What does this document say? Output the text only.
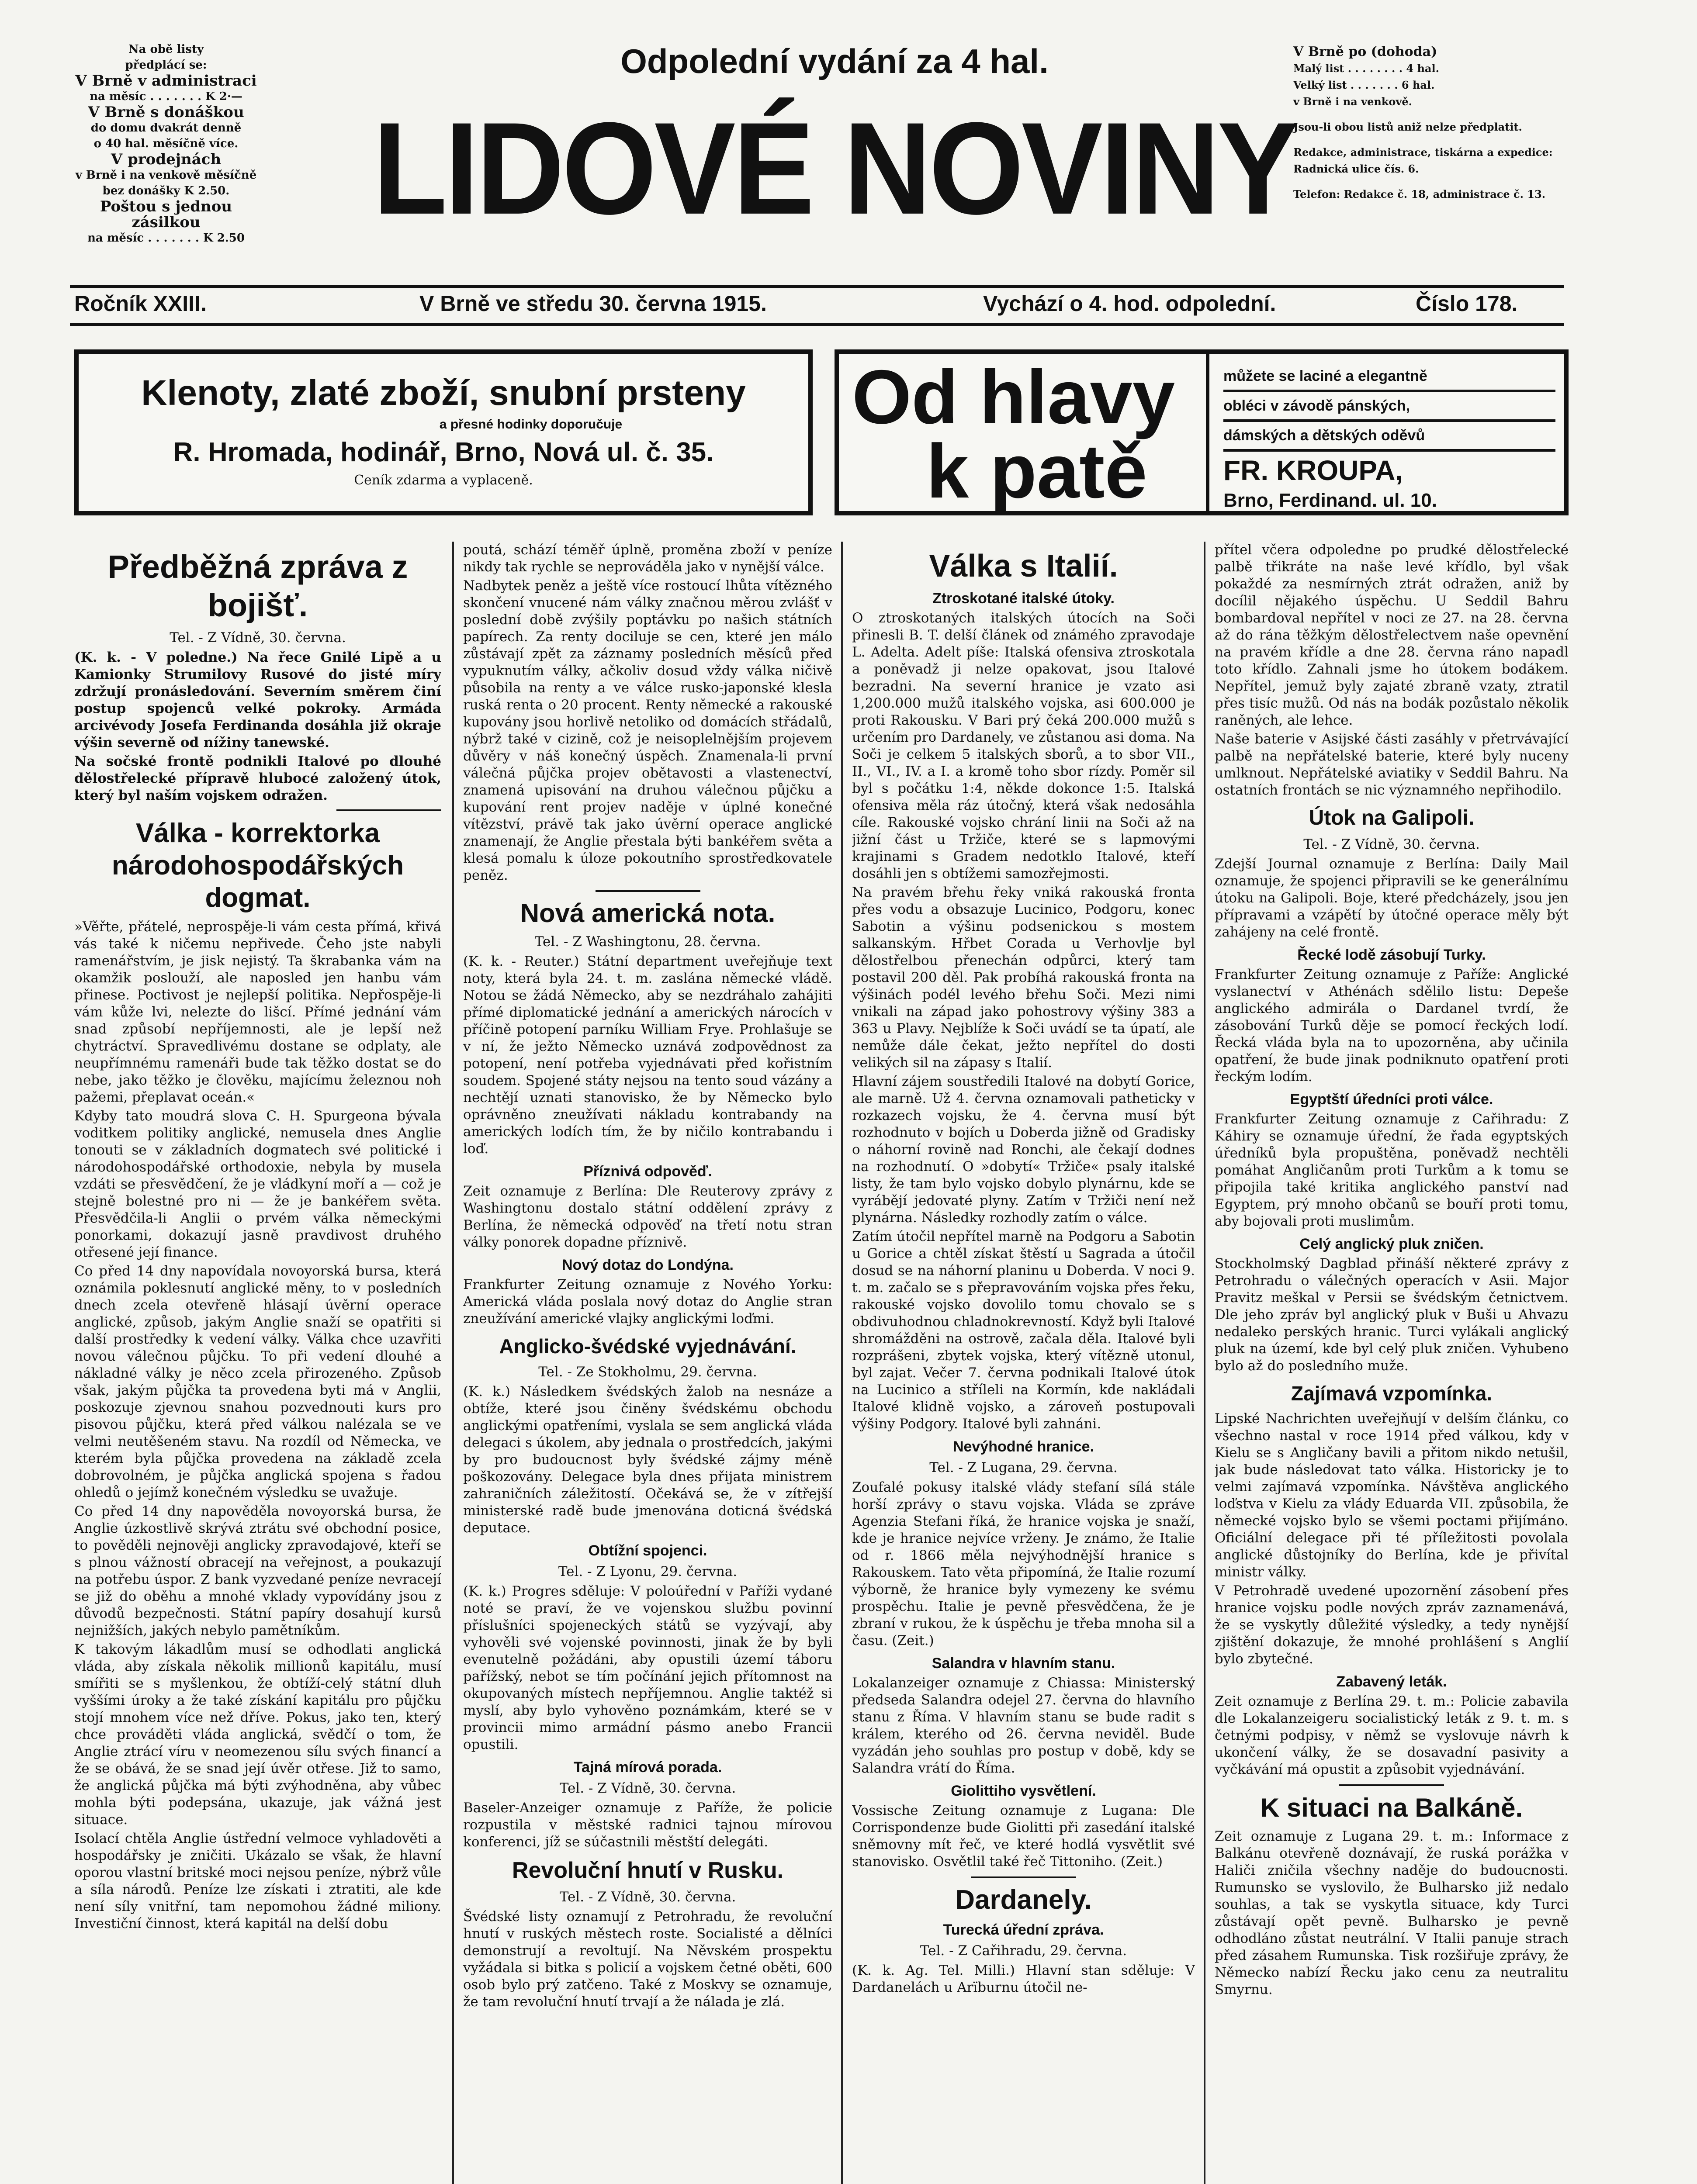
Na obě listy
předplácí se:
V Brně v administraci
na měsíc . . . . . . . K 2·—
V Brně s donáškou
do domu dvakrát denně
o 40 hal. měsíčně více.
V prodejnách
v Brně i na venkově měsíčně
bez donášky K 2.50.
Poštou s jednou zásilkou
na měsíc . . . . . . . K 2.50
Odpolední vydání za 4 hal.
LIDOVÉ NOVINY
V Brně po (dohoda)
Malý list . . . . . . . . 4 hal.
Velký list . . . . . . . 6 hal.
v Brně i na venkově.
Jsou-li obou listů aniž nelze předplatit.
Redakce, administrace, tiskárna a expedice:
Radnická ulice čís. 6.
Telefon: Redakce č. 18, administrace č. 13.
Ročník XXIII.	V Brně ve středu 30. června 1915.	Vychází o 4. hod. odpolední.	Číslo 178.
Klenoty, zlaté zboží, snubní prsteny
a přesné hodinky doporučuje
R. Hromada, hodinář, Brno, Nová ul. č. 35.
Ceník zdarma a vyplaceně.
Od hlavy
k patě
můžete se laciné a elegantně
obléci v závodě pánských,
dámských a dětských oděvů
FR. KROUPA,
Brno, Ferdinand. ul. 10.
Předběžná zpráva z bojišť.
Tel. - Z Vídně, 30. června.

(K. k. - V poledne.) Na řece Gnilé Lipě a u Kamionky Strumilovy Rusové do jisté míry zdržují pronásledování. Severním směrem činí postup spojenců velké pokroky. Armáda arcivévody Josefa Ferdinanda dosáhla již okraje výšin severně od nížiny tanewské.

Na sočské frontě podnikli Italové po dlouhé dělostřelecké přípravě hlubocé založený útok, který byl naším vojskem odražen.

Válka - korrektorka národohospodářských dogmat.

»Věřte, přátelé, neprospěje-li vám cesta přímá, křivá vás také k ničemu nepřivede. Čeho jste nabyli ramenářstvím, je jisk nejistý. Ta škrabanka vám na okamžik poslouží, ale naposled jen hanbu vám přinese. Poctivost je nejlepší politika. Nepřospěje-li vám kůže lvi, nelezte do lišcí. Přímé jednání vám snad způsobí nepříjemnosti, ale je lepší než chytráctví. Spravedlivému dostane se odplaty, ale neupřímnému ramenáři bude tak těžko dostat se do nebe, jako těžko je člověku, majícímu železnou noh pažemi, přeplavat oceán.«

Kdyby tato moudrá slova C. H. Spurgeona bývala voditkem politiky anglické, nemusela dnes Anglie tonouti se v základních dogmatech své politické i národohospodářské orthodoxie, nebyla by musela vzdáti se přesvědčení, že je vládkyní moří a — což je stejně bolestné pro ni — že je bankéřem světa. Přesvědčila-li Anglii o prvém válka německými ponorkami, dokazují jasně pravdivost druhého otřesené její finance.

Co před 14 dny napovídala novoyorská bursa, která oznámila poklesnutí anglické měny, to v posledních dnech zcela otevřeně hlásají úvěrní operace anglické, způsob, jakým Anglie snaží se opatřiti si další prostředky k vedení války. Válka chce uzavřiti novou válečnou půjčku. To při vedení dlouhé a nákladné války je něco zcela přirozeného. Způsob však, jakým půjčka ta provedena byti má v Anglii, poskozuje zjevnou snahou pozvednouti kurs pro pisovou půjčku, která před válkou nalézala se ve velmi neutěšeném stavu. Na rozdíl od Německa, ve kterém byla půjčka provedena na základě zcela dobrovolném, je půjčka anglická spojena s řadou ohledů o jejímž konečném výsledku se uvažuje.

Co před 14 dny napověděla novoyorská bursa, že Anglie úzkostlivě skrývá ztrátu své obchodní posice, to pověděli nejnověji anglicky zpravodajové, kteří se s plnou vážností obracejí na veřejnost, a poukazují na potřebu úspor. Z bank vyzvedané peníze nevracejí se již do oběhu a mnohé vklady vypovídány jsou z důvodů bezpečnosti. Státní papíry dosahují kursů nejnižších, jakých nebylo pamětníkům.

K takovým lákadlům musí se odhodlati anglická vláda, aby získala několik millionů kapitálu, musí smířiti se s myšlenkou, že obtíží-celý státní dluh vyššími úroky a že také získání kapitálu pro půjčku stojí mnohem více než dříve. Pokus, jako ten, který chce prováděti vláda anglická, svědčí o tom, že Anglie ztrácí víru v neomezenou sílu svých financí a že se obává, že se snad její úvěr otřese. Již to samo, že anglická půjčka má býti zvýhodněna, aby vůbec mohla býti podepsána, ukazuje, jak vážná jest situace.

Isolací chtěla Anglie ústřední velmoce vyhladověti a hospodářsky je zničiti. Ukázalo se však, že hlavní oporou vlastní britské moci nejsou peníze, nýbrž vůle a síla národů. Peníze lze získati i ztratiti, ale kde není síly vnitřní, tam nepomohou žádné miliony. Investiční činnost, která kapitál na delší dobu

poutá, schází téměř úplně, proměna zboží v peníze nikdy tak rychle se neprováděla jako v nynější válce.

Nadbytek peněz a ještě více rostoucí lhůta vítězného skončení vnucené nám války značnou měrou zvlášť v poslední době zvýšily poptávku po našich státních papírech. Za renty dociluje se cen, které jen málo zůstávají zpět za záznamy posledních měsíců před vypuknutím války, ačkoliv dosud vždy válka ničivě působila na renty a ve válce rusko-japonské klesla ruská renta o 20 procent. Renty německé a rakouské kupovány jsou horlivě netoliko od domácích střádalů, nýbrž také v cizině, což je neisoplelnějším projevem důvěry v náš konečný úspěch. Znamenala-li první válečná půjčka projev obětavosti a vlastenectví, znamená upisování na druhou válečnou půjčku a kupování rent projev naděje v úplné konečné vítězství, právě tak jako úvěrní operace anglické znamenají, že Anglie přestala býti bankéřem světa a klesá pomalu k úloze pokoutního sprostředkovatele peněz.

Nová americká nota.
Tel. - Z Washingtonu, 28. června.

(K. k. - Reuter.) Státní department uveřejňuje text noty, která byla 24. t. m. zaslána německé vládě. Notou se žádá Německo, aby se nezdráhalo zahájiti přímé diplomatické jednání a amerických nárocích v příčině potopení parníku William Frye. Prohlašuje se v ní, že ježto Německo uznává zodpovědnost za potopení, není potřeba vyjednávati před kořistním soudem. Spojené státy nejsou na tento soud vázány a nechtějí uznati stanovisko, že by Německo bylo oprávněno zneužívati nákladu kontrabandy na amerických lodích tím, že by ničilo kontrabandu i loď.

Příznivá odpověď.

Zeit oznamuje z Berlína: Dle Reuterovy zprávy z Washingtonu dostalo státní oddělení zprávy z Berlína, že německá odpověď na třetí notu stran války ponorek dopadne příznivě.

Nový dotaz do Londýna.

Frankfurter Zeitung oznamuje z Nového Yorku: Americká vláda poslala nový dotaz do Anglie stran zneužívání americké vlajky anglickými loďmi.

Anglicko-švédské vyjednávání.
Tel. - Ze Stokholmu, 29. června.

(K. k.) Následkem švédských žalob na nesnáze a obtíže, které jsou činěny švédskému obchodu anglickými opatřeními, vyslala se sem anglická vláda delegaci s úkolem, aby jednala o prostředcích, jakými by pro budoucnost byly švédské zájmy méně poškozovány. Delegace byla dnes přijata ministrem zahraničních záležitostí. Očekává se, že v zítřejší ministerské radě bude jmenována doticná švédská deputace.

Obtížní spojenci.
Tel. - Z Lyonu, 29. června.

(K. k.) Progres sděluje: V poloúřední v Paříži vydané noté se praví, že ve vojenskou službu povinní příslušníci spojeneckých států se vyzývají, aby vyhověli své vojenské povinnosti, jinak že by byli evenutelně požádáni, aby opustili území táboru pařížský, nebot se tím počínání jejich přítomnost na okupovaných místech nepříjemnou. Anglie taktéž si myslí, aby bylo vyhověno poznámkám, které se v provincii mimo armádní pásmo anebo Francii opustili.

Tajná mírová porada.
Tel. - Z Vídně, 30. června.

Baseler-Anzeiger oznamuje z Paříže, že policie rozpustila v městské radnici tajnou mírovou konferenci, jíž se súčastnili městští delegáti.

Revoluční hnutí v Rusku.
Tel. - Z Vídně, 30. června.

Švédské listy oznamují z Petrohradu, že revoluční hnutí v ruských městech roste. Socialisté a dělníci demonstrují a revoltují. Na Něvském prospektu vyžádala si bitka s policií a vojskem četné oběti, 600 osob bylo prý zatčeno. Také z Moskvy se oznamuje, že tam revoluční hnutí trvají a že nálada je zlá.

Válka s Italií.
Ztroskotané italské útoky.

O ztroskotaných italských útocích na Soči přinesli B. T. delší článek od známého zpravodaje L. Adelta. Adelt píše: Italská ofensiva ztroskotala a poněvadž ji nelze opakovat, jsou Italové bezradni. Na severní hranice je vzato asi 1,200.000 mužů italského vojska, asi 600.000 je proti Rakousku. V Bari prý čeká 200.000 mužů s určením pro Dardanely, ve zůstanou asi doma. Na Soči je celkem 5 italských sborů, a to sbor VII., II., VI., IV. a I. a kromě toho sbor rízdy. Poměr sil byl s počátku 1:4, někde dokonce 1:5. Italská ofensiva měla ráz útočný, která však nedosáhla cíle. Rakouské vojsko chrání linii na Soči až na jižní část u Tržiče, které se s lapmovými krajinami s Gradem nedotklo Italové, kteří dosáhli jen s obtížemi samozřejmosti.

Na pravém břehu řeky vniká rakouská fronta přes vodu a obsazuje Lucinico, Podgoru, konec Sabotin a výšinu podsenickou s mostem salkanským. Hřbet Corada u Verhovlje byl dělostřelbou přenechán odpůrci, který tam postavil 200 děl. Pak probíhá rakouská fronta na výšinách podél levého břehu Soči. Mezi nimi vnikali na západ jako pohostrovy výšiny 383 a 363 u Plavy. Nejblíže k Soči uvádí se ta úpatí, ale nemůže dále čekat, ježto nepřítel do dosti velikých sil na zápasy s Italií.

Hlavní zájem soustředili Italové na dobytí Gorice, ale marně. Už 4. června oznamovali patheticky v rozkazech vojsku, že 4. června musí být rozhodnuto v bojích u Doberda jižně od Gradisky o náhorní rovině nad Ronchi, ale čekají dodnes na rozhodnutí. O »dobytí« Tržiče« psaly italské listy, že tam bylo vojsko dobylo plynárnu, kde se vyrábějí jedovaté plyny. Zatím v Tržiči není než plynárna. Následky rozhodly zatím o válce.

Zatím útočil nepřítel marně na Podgoru a Sabotin u Gorice a chtěl získat štěstí u Sagrada a útočil dosud se na náhorní planinu u Doberda. V noci 9. t. m. začalo se s přepravováním vojska přes řeku, rakouské vojsko dovolilo tomu chovalo se s obdivuhodnou chladnokrevností. Když byli Italové shromážděni na ostrově, začala děla. Italové byli rozprášeni, zbytek vojska, který vítězně utonul, byl zajat. Večer 7. června podnikali Italové útok na Lucinico a stříleli na Kormín, kde nakládali Italové klidně vojsko, a zároveň postupovali výšiny Podgory. Italové byli zahnáni.

Nevýhodné hranice.
Tel. - Z Lugana, 29. června.

Zoufalé pokusy italské vlády stefaní sílá stále horší zprávy o stavu vojska. Vláda se zpráve Agenzia Stefani říká, že hranice vojska je snaží, kde je hranice nejvíce vrženy. Je známo, že Italie od r. 1866 měla nejvýhodnější hranice s Rakouskem. Tato věta připomíná, že Italie rozumí výborně, že hranice byly vymezeny ke svému prospěchu. Italie je pevně přesvědčena, že je zbraní v rukou, že k úspěchu je třeba mnoha sil a času. (Zeit.)

Salandra v hlavním stanu.

Lokalanzeiger oznamuje z Chiassa: Ministerský předseda Salandra odejel 27. června do hlavního stanu z Říma. V hlavním stanu se bude radit s králem, kterého od 26. června neviděl. Bude vyzádán jeho souhlas pro postup v době, kdy se Salandra vrátí do Říma.

Giolittiho vysvětlení.

Vossische Zeitung oznamuje z Lugana: Dle Corrispondenze bude Giolitti při zasedání italské sněmovny mít řeč, ve které hodlá vysvětlit své stanovisko. Osvětlil také řeč Tittoniho. (Zeit.)

Dardanely.
Turecká úřední zpráva.
Tel. - Z Cařihradu, 29. června.

(K. k. Ag. Tel. Milli.) Hlavní stan sděluje: V Dardanelách u Arïburnu útočil ne-

přítel včera odpoledne po prudké dělostřelecké palbě třikráte na naše levé křídlo, byl však pokaždé za nesmírných ztrát odražen, aniž by docílil nějakého úspěchu. U Seddil Bahru bombardoval nepřítel v noci ze 27. na 28. června až do rána těžkým dělostřelectvem naše opevnění na pravém křídle a dne 28. června ráno napadl toto křídlo. Zahnali jsme ho útokem bodákem. Nepřítel, jemuž byly zajaté zbraně vzaty, ztratil přes tisíc mužů. Od nás na bodák pozůstalo několik raněných, ale lehce.

Naše baterie v Asijské části zasáhly v přetrvávající palbě na nepřátelské baterie, které byly nuceny umlknout. Nepřátelské aviatiky v Seddil Bahru. Na ostatních frontách se nic významného nepřihodilo.

Útok na Galipoli.
Tel. - Z Vídně, 30. června.

Zdejší Journal oznamuje z Berlína: Daily Mail oznamuje, že spojenci připravili se ke generálnímu útoku na Galipoli. Boje, které předcházely, jsou jen přípravami a vzápětí by útočné operace měly být zahájeny na celé frontě.

Řecké lodě zásobují Turky.

Frankfurter Zeitung oznamuje z Paříže: Anglické vyslanectví v Athénách sdělilo listu: Depeše anglického admirála o Dardanel tvrdí, že zásobování Turků děje se pomocí řeckých lodí. Řecká vláda byla na to upozorněna, aby učinila opatření, že bude jinak podniknuto opatření proti řeckým lodím.

Egyptští úředníci proti válce.

Frankfurter Zeitung oznamuje z Cařihradu: Z Káhiry se oznamuje úřední, že řada egyptských úředníků byla propuštěna, poněvadž nechtěli pomáhat Angličanům proti Turkům a k tomu se připojila také kritika anglického panství nad Egyptem, prý mnoho občanů se bouří proti tomu, aby bojovali proti muslimům.

Celý anglický pluk zničen.

Stockholmský Dagblad přináší některé zprávy z Petrohradu o válečných operacích v Asii. Major Pravitz meškal v Persii se švédským četnictvem. Dle jeho zpráv byl anglický pluk v Buši u Ahvazu nedaleko perských hranic. Turci vylákali anglický pluk na území, kde byl celý pluk zničen. Vyhubeno bylo až do posledního muže.

Zajímavá vzpomínka.

Lipské Nachrichten uveřejňují v delším článku, co všechno nastal v roce 1914 před válkou, kdy v Kielu se s Angličany bavili a přitom nikdo netušil, jak bude následovat tato válka. Historicky je to velmi zajímavá vzpomínka. Návštěva anglického loďstva v Kielu za vlády Eduarda VII. způsobila, že německé vojsko bylo se všemi poctami přijímáno. Oficiální delegace při té příležitosti povolala anglické důstojníky do Berlína, kde je přivítal ministr války.

V Petrohradě uvedené upozornění zásobení přes hranice vojsku podle nových zpráv zaznamenává, že se vyskytly důležité výsledky, a tedy nynější zjištění dokazuje, že mnohé prohlášení s Anglií bylo zbytečné.

Zabavený leták.

Zeit oznamuje z Berlína 29. t. m.: Policie zabavila dle Lokalanzeigeru socialistický leták z 9. t. m. s četnými podpisy, v němž se vyslovuje návrh k ukončení války, že se dosavadní pasivity a vyčkávání má opustit a způsobit vyjednávání.

K situaci na Balkáně.

Zeit oznamuje z Lugana 29. t. m.: Informace z Balkánu otevřeně doznávají, že ruská porážka v Haliči zničila všechny naděje do budoucnosti. Rumunsko se vyslovilo, že Bulharsko již nedalo souhlas, a tak se vyskytla situace, kdy Turci zůstávají opět pevně. Bulharsko je pevně odhodláno zůstat neutrální. V Italii panuje strach před zásahem Rumunska. Tisk rozšiřuje zprávy, že Německo nabízí Řecku jako cenu za neutralitu Smyrnu.
